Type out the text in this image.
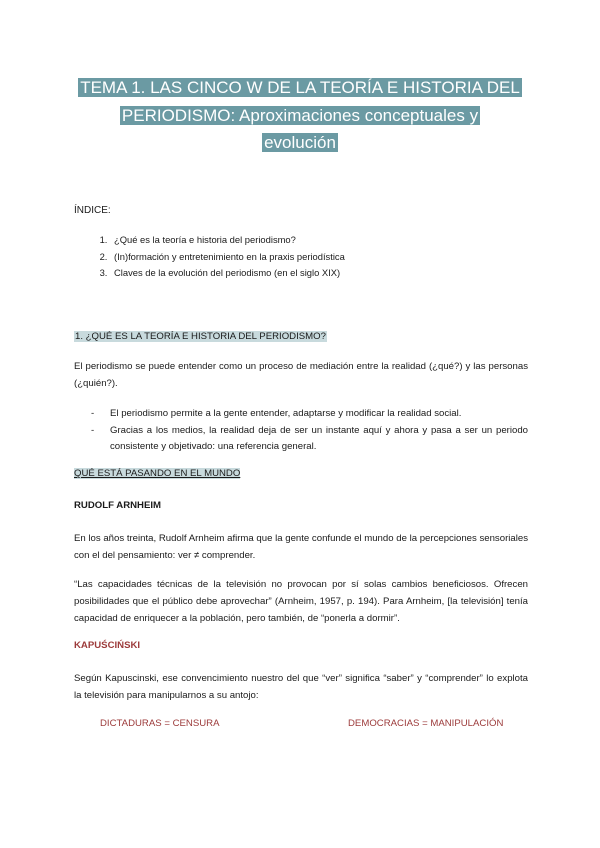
TEMA 1. LAS CINCO W DE LA TEORÍA E HISTORIA DEL
PERIODISMO: Aproximaciones conceptuales y
evolución
ÍNDICE:
1. ¿Qué es la teoría e historia del periodismo?
2. (In)formación y entretenimiento en la praxis periodística
3. Claves de la evolución del periodismo (en el siglo XIX)
1. ¿QUÉ ES LA TEORÍA E HISTORIA DEL PERIODISMO?
El periodismo se puede entender como un proceso de mediación entre la realidad (¿qué?) y las personas (¿quién?).
- El periodismo permite a la gente entender, adaptarse y modificar la realidad social.
- Gracias a los medios, la realidad deja de ser un instante aquí y ahora y pasa a ser un periodo consistente y objetivado: una referencia general.
QUÉ ESTÁ PASANDO EN EL MUNDO
RUDOLF ARNHEIM
En los años treinta, Rudolf Arnheim afirma que la gente confunde el mundo de la percepciones sensoriales con el del pensamiento: ver ≠ comprender.
“Las capacidades técnicas de la televisión no provocan por sí solas cambios beneficiosos. Ofrecen posibilidades que el público debe aprovechar” (Arnheim, 1957, p. 194). Para Arnheim, [la televisión] tenía capacidad de enriquecer a la población, pero también, de “ponerla a dormir”.
KAPUŚCIŃSKI
Según Kapuscinski, ese convencimiento nuestro del que “ver” significa “saber” y “comprender” lo explota la televisión para manipularnos a su antojo:
DICTADURAS = CENSURA	DEMOCRACIAS = MANIPULACIÓN
